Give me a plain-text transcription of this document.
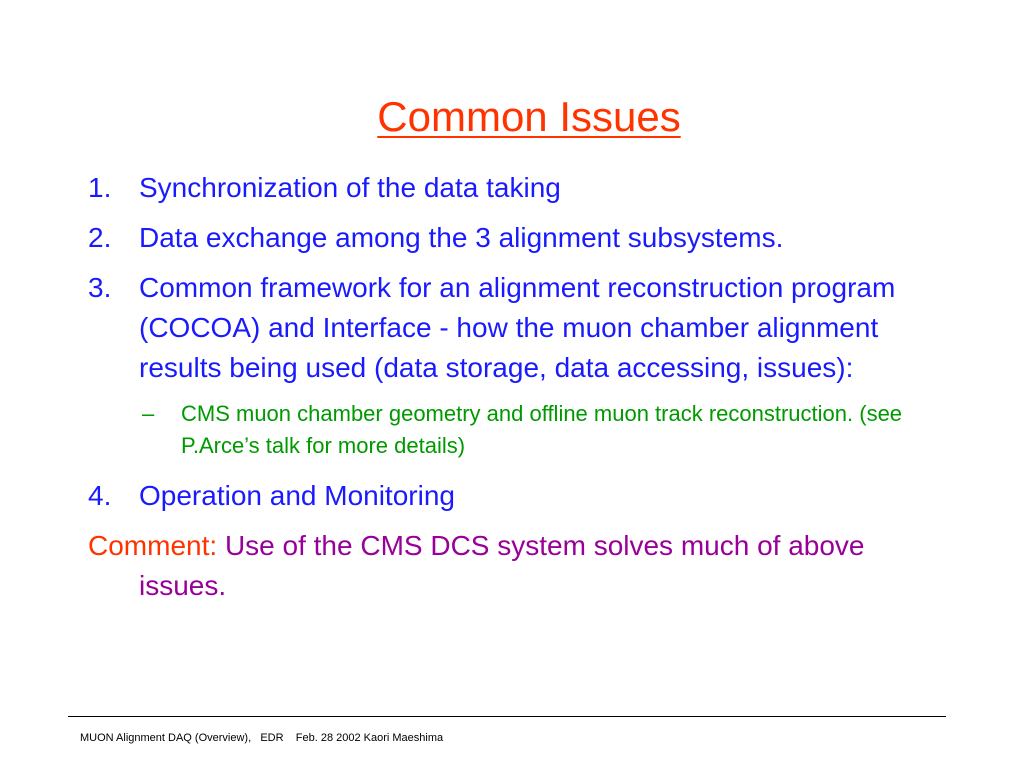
Common Issues
1. Synchronization of the data taking
2. Data exchange among the 3 alignment subsystems.
3. Common framework for an alignment reconstruction program (COCOA) and Interface - how the muon chamber alignment results being used (data storage, data accessing, issues):
– CMS muon chamber geometry and offline muon track reconstruction. (see P.Arce’s talk for more details)
4. Operation and Monitoring
Comment: Use of the CMS DCS system solves much of above issues.
MUON Alignment DAQ (Overview),   EDR    Feb. 28 2002 Kaori Maeshima
